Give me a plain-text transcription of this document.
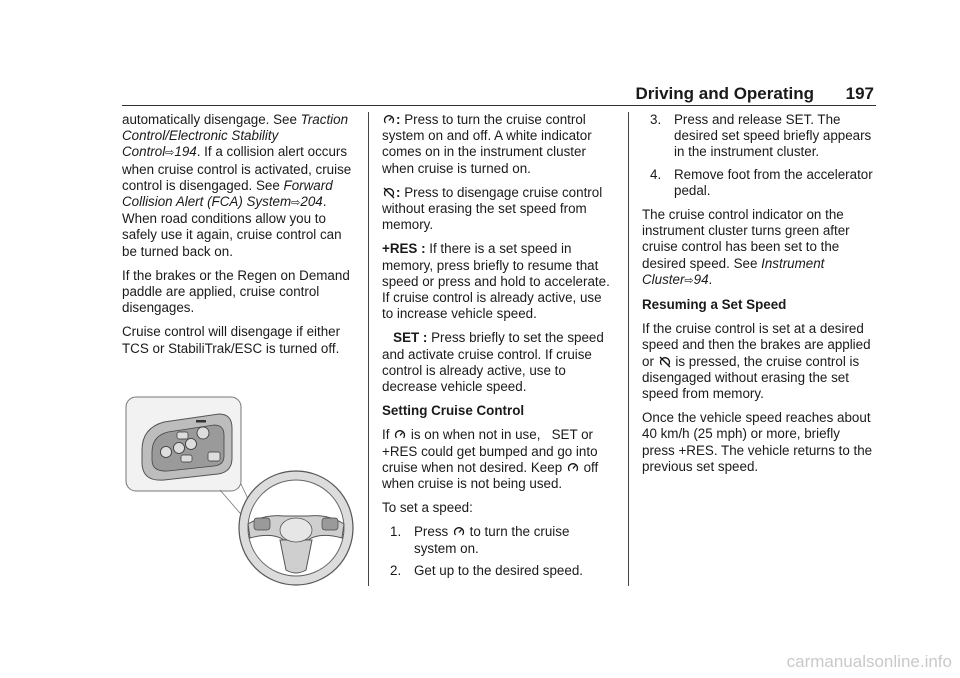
Driving and Operating 197

automatically disengage. See Traction Control/Electronic Stability Control⇨194. If a collision alert occurs when cruise control is activated, cruise control is disengaged. See Forward Collision Alert (FCA) System⇨204. When road conditions allow you to safely use it again, cruise control can be turned back on.

If the brakes or the Regen on Demand paddle are applied, cruise control disengages.

Cruise control will disengage if either TCS or StabiliTrak/ESC is turned off.

: Press to turn the cruise control system on and off. A white indicator comes on in the instrument cluster when cruise is turned on.

: Press to disengage cruise control without erasing the set speed from memory.

+RES : If there is a set speed in memory, press briefly to resume that speed or press and hold to accelerate. If cruise control is already active, use to increase vehicle speed.

SET : Press briefly to set the speed and activate cruise control. If cruise control is already active, use to decrease vehicle speed.

Setting Cruise Control

If  is on when not in use,   SET or +RES could get bumped and go into cruise when not desired. Keep  off when cruise is not being used.

To set a speed:

1. Press  to turn the cruise system on.
2. Get up to the desired speed.
3. Press and release SET. The desired set speed briefly appears in the instrument cluster.
4. Remove foot from the accelerator pedal.

The cruise control indicator on the instrument cluster turns green after cruise control has been set to the desired speed. See Instrument Cluster⇨94.

Resuming a Set Speed

If the cruise control is set at a desired speed and then the brakes are applied or  is pressed, the cruise control is disengaged without erasing the set speed from memory.

Once the vehicle speed reaches about 40 km/h (25 mph) or more, briefly press +RES. The vehicle returns to the previous set speed.

carmanualsonline.info
